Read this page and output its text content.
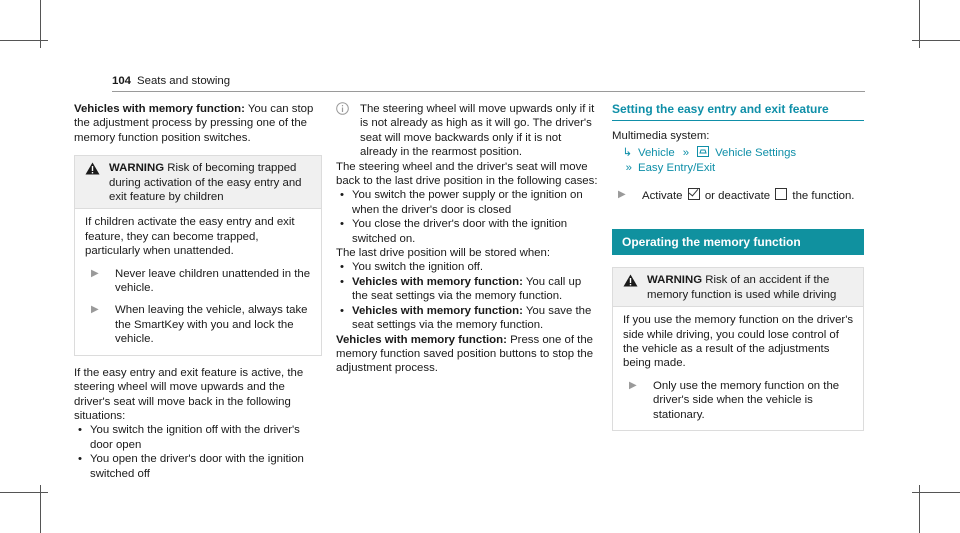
104 Seats and stowing

Vehicles with memory function: You can stop the adjustment process by pressing one of the memory function position switches.

WARNING Risk of becoming trapped during activation of the easy entry and exit feature by children

If children activate the easy entry and exit feature, they can become trapped, particularly when unattended.

▶	Never leave children unattended in the vehicle.
▶	When leaving the vehicle, always take the SmartKey with you and lock the vehicle.

If the easy entry and exit feature is active, the steering wheel will move upwards and the driver's seat will move back in the following situations:

• You switch the ignition off with the driver's door open
• You open the driver's door with the ignition switched off
The steering wheel will move upwards only if it is not already as high as it will go. The driver's seat will move backwards only if it is not already in the rearmost position.

The steering wheel and the driver's seat will move back to the last drive position in the following cases:

• You switch the power supply or the ignition on when the driver's door is closed
• You close the driver's door with the ignition switched on.

The last drive position will be stored when:

• You switch the ignition off.
• Vehicles with memory function: You call up the seat settings via the memory function.
• Vehicles with memory function: You save the seat settings via the memory function.

Vehicles with memory function: Press one of the memory function saved position buttons to stop the adjustment process.

Setting the easy entry and exit feature

Multimedia system:

↳ Vehicle » Vehicle Settings
» Easy Entry/Exit
▶	Activate  or deactivate  the function.
Operating the memory function
WARNING Risk of an accident if the memory function is used while driving

If you use the memory function on the driver's side while driving, you could lose control of the vehicle as a result of the adjustments being made.

▶	Only use the memory function on the driver's side when the vehicle is stationary.
